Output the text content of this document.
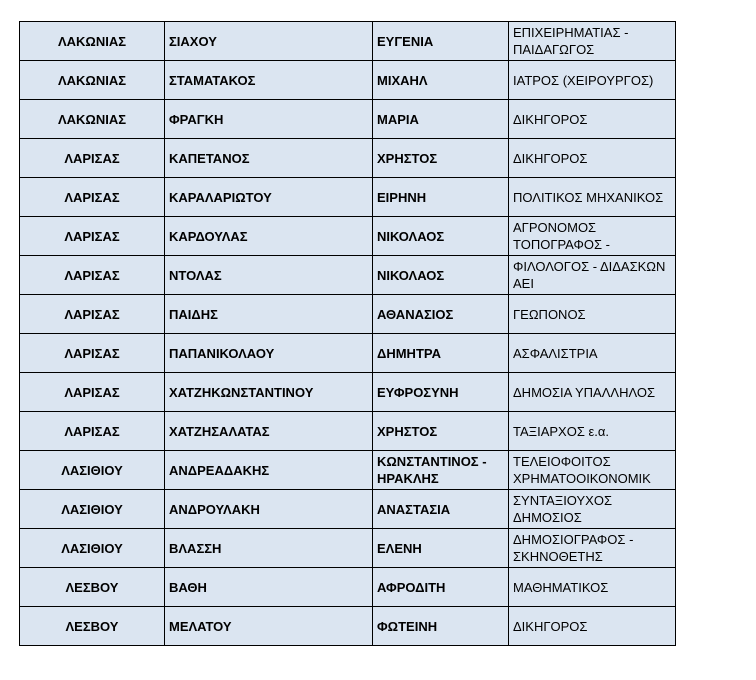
ΛΑΚΩΝΙΑΣ	ΣΙΑΧΟΥ	ΕΥΓΕΝΙΑ	ΕΠΙΧΕΙΡΗΜΑΤΙΑΣ - ΠΑΙΔΑΓΩΓΟΣ
ΛΑΚΩΝΙΑΣ	ΣΤΑΜΑΤΑΚΟΣ	ΜΙΧΑΗΛ	ΙΑΤΡΟΣ (ΧΕΙΡΟΥΡΓΟΣ)
ΛΑΚΩΝΙΑΣ	ΦΡΑΓΚΗ	ΜΑΡΙΑ	ΔΙΚΗΓΟΡΟΣ
ΛΑΡΙΣΑΣ	ΚΑΠΕΤΑΝΟΣ	ΧΡΗΣΤΟΣ	ΔΙΚΗΓΟΡΟΣ
ΛΑΡΙΣΑΣ	ΚΑΡΑΛΑΡΙΩΤΟΥ	ΕΙΡΗΝΗ	ΠΟΛΙΤΙΚΟΣ ΜΗΧΑΝΙΚΟΣ
ΛΑΡΙΣΑΣ	ΚΑΡΔΟΥΛΑΣ	ΝΙΚΟΛΑΟΣ	ΑΓΡΟΝΟΜΟΣ ΤΟΠΟΓΡΑΦΟΣ -
ΛΑΡΙΣΑΣ	ΝΤΟΛΑΣ	ΝΙΚΟΛΑΟΣ	ΦΙΛΟΛΟΓΟΣ - ΔΙΔΑΣΚΩΝ ΑΕΙ
ΛΑΡΙΣΑΣ	ΠΑΙΔΗΣ	ΑΘΑΝΑΣΙΟΣ	ΓΕΩΠΟΝΟΣ
ΛΑΡΙΣΑΣ	ΠΑΠΑΝΙΚΟΛΑΟΥ	ΔΗΜΗΤΡΑ	ΑΣΦΑΛΙΣΤΡΙΑ
ΛΑΡΙΣΑΣ	ΧΑΤΖΗΚΩΝΣΤΑΝΤΙΝΟΥ	ΕΥΦΡΟΣΥΝΗ	ΔΗΜΟΣΙΑ ΥΠΑΛΛΗΛΟΣ
ΛΑΡΙΣΑΣ	ΧΑΤΖΗΣΑΛΑΤΑΣ	ΧΡΗΣΤΟΣ	ΤΑΞΙΑΡΧΟΣ ε.α.
ΛΑΣΙΘΙΟΥ	ΑΝΔΡΕΑΔΑΚΗΣ	ΚΩΝΣΤΑΝΤΙΝΟΣ - ΗΡΑΚΛΗΣ	ΤΕΛΕΙΟΦΟΙΤΟΣ ΧΡΗΜΑΤΟΟΙΚΟΝΟΜΙΚ
ΛΑΣΙΘΙΟΥ	ΑΝΔΡΟΥΛΑΚΗ	ΑΝΑΣΤΑΣΙΑ	ΣΥΝΤΑΞΙΟΥΧΟΣ ΔΗΜΟΣΙΟΣ
ΛΑΣΙΘΙΟΥ	ΒΛΑΣΣΗ	ΕΛΕΝΗ	ΔΗΜΟΣΙΟΓΡΑΦΟΣ - ΣΚΗΝΟΘΕΤΗΣ
ΛΕΣΒΟΥ	ΒΑΘΗ	ΑΦΡΟΔΙΤΗ	ΜΑΘΗΜΑΤΙΚΟΣ
ΛΕΣΒΟΥ	ΜΕΛΑΤΟΥ	ΦΩΤΕΙΝΗ	ΔΙΚΗΓΟΡΟΣ
